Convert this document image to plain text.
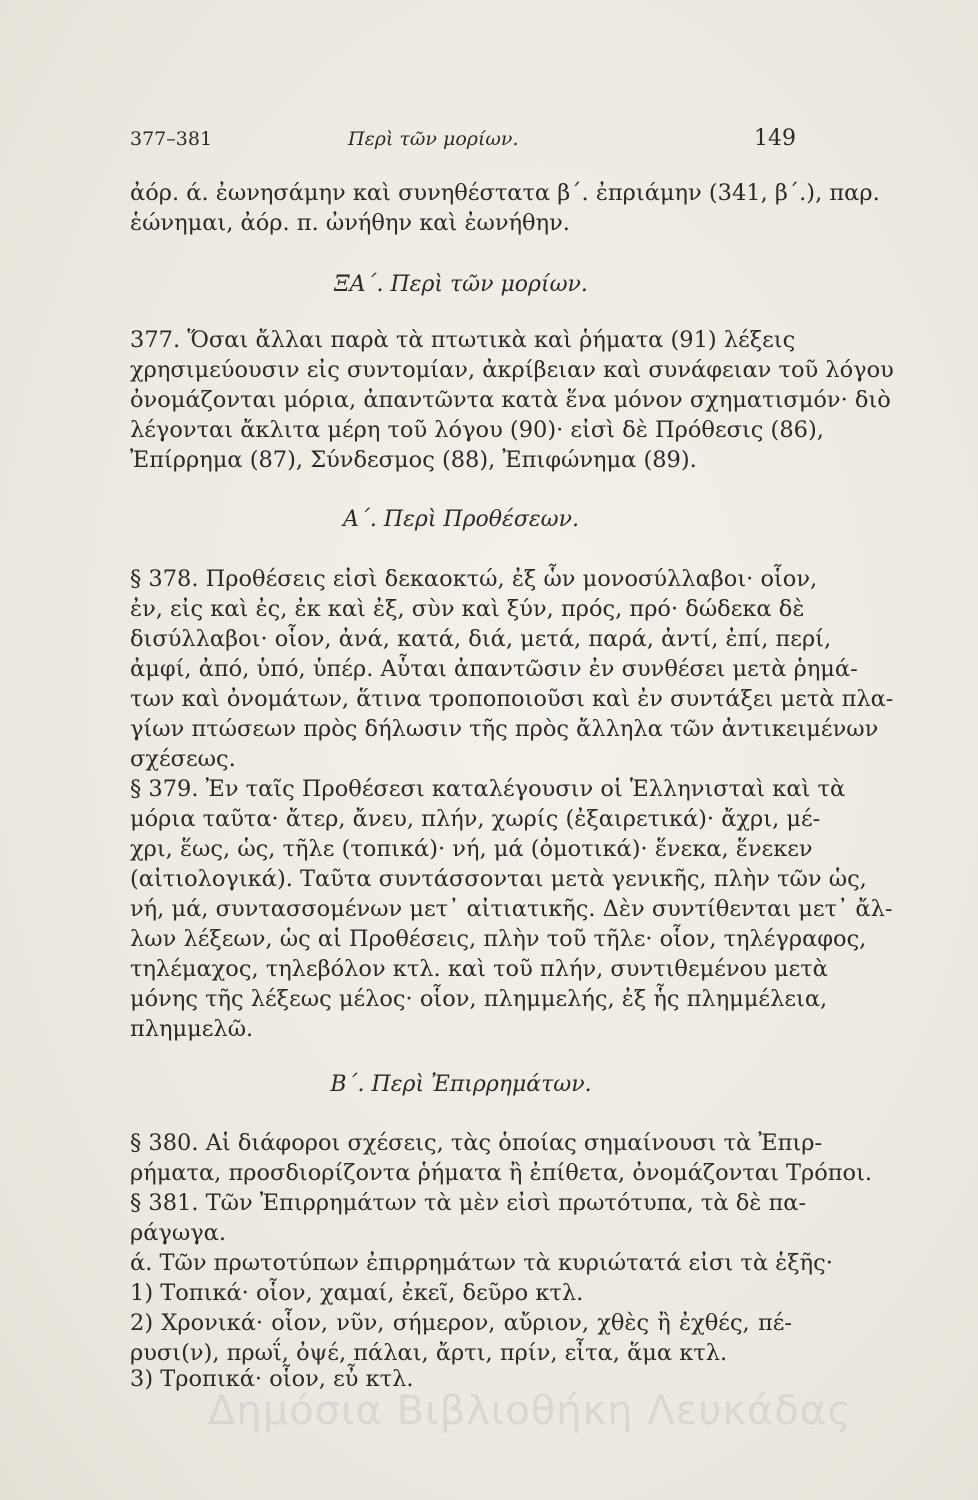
377–381	Περὶ τῶν μορίων.	149
ἀόρ. ά. ἐωνησάμην καὶ συνηθέστατα β΄. ἐπριάμην (341, β΄.), παρ.
ἑώνημαι, ἀόρ. π. ὠνήθην καὶ ἐωνήθην.
ΞΑ΄. Περὶ τῶν μορίων.
377. Ὅσαι ἄλλαι παρὰ τὰ πτωτικὰ καὶ ῥήματα (91) λέξεις
χρησιμεύουσιν εἰς συντομίαν, ἀκρίβειαν καὶ συνάφειαν τοῦ λόγου
ὀνομάζονται μόρια, ἀπαντῶντα κατὰ ἕνα μόνον σχηματισμόν· διὸ
λέγονται ἄκλιτα μέρη τοῦ λόγου (90)· εἰσὶ δὲ Πρόθεσις (86),
Ἐπίρρημα (87), Σύνδεσμος (88), Ἐπιφώνημα (89).
Α΄. Περὶ Προθέσεων.
§ 378. Προθέσεις εἰσὶ δεκαοκτώ, ἐξ ὧν μονοσύλλαβοι· οἷον,
ἐν, εἰς καὶ ἐς, ἐκ καὶ ἐξ, σὺν καὶ ξύν, πρός, πρό· δώδεκα δὲ
δισύλλαβοι· οἷον, ἀνά, κατά, διά, μετά, παρά, ἀντί, ἐπί, περί,
ἀμφί, ἀπό, ὑπό, ὑπέρ. Αὗται ἀπαντῶσιν ἐν συνθέσει μετὰ ῥημά-
των καὶ ὀνομάτων, ἅτινα τροποποιοῦσι καὶ ἐν συντάξει μετὰ πλα-
γίων πτώσεων πρὸς δήλωσιν τῆς πρὸς ἄλληλα τῶν ἀντικειμένων
σχέσεως.
§ 379. Ἐν ταῖς Προθέσεσι καταλέγουσιν οἱ Ἑλληνισταὶ καὶ τὰ
μόρια ταῦτα· ἄτερ, ἄνευ, πλήν, χωρίς (ἐξαιρετικά)· ἄχρι, μέ-
χρι, ἕως, ὡς, τῆλε (τοπικά)· νή, μά (ὀμοτικά)· ἕνεκα, ἕνεκεν
(αἰτιολογικά). Ταῦτα συντάσσονται μετὰ γενικῆς, πλὴν τῶν ὡς,
νή, μά, συντασσομένων μετ᾽ αἰτιατικῆς. Δὲν συντίθενται μετ᾽ ἄλ-
λων λέξεων, ὡς αἱ Προθέσεις, πλὴν τοῦ τῆλε· οἷον, τηλέγραφος,
τηλέμαχος, τηλεβόλον κτλ. καὶ τοῦ πλήν, συντιθεμένου μετὰ
μόνης τῆς λέξεως μέλος· οἷον, πλημμελής, ἐξ ἧς πλημμέλεια,
πλημμελῶ.
Β΄. Περὶ Ἐπιρρημάτων.
§ 380. Αἱ διάφοροι σχέσεις, τὰς ὁποίας σημαίνουσι τὰ Ἐπιρ-
ρήματα, προσδιορίζοντα ῥήματα ἢ ἐπίθετα, ὀνομάζονται Τρόποι.
§ 381. Τῶν Ἐπιρρημάτων τὰ μὲν εἰσὶ πρωτότυπα, τὰ δὲ πα-
ράγωγα.
ά. Τῶν πρωτοτύπων ἐπιρρημάτων τὰ κυριώτατά εἰσι τὰ ἑξῆς·
1) Τοπικά· οἷον, χαμαί, ἐκεῖ, δεῦρο κτλ.
2) Χρονικά· οἷον, νῦν, σήμερον, αὔριον, χθὲς ἢ ἐχθές, πέ-
ρυσι(ν), πρωΐ, ὀψέ, πάλαι, ἄρτι, πρίν, εἶτα, ἅμα κτλ.
3) Τροπικά· οἷον, εὖ κτλ.
Δημόσια Βιβλιοθήκη Λευκάδας
